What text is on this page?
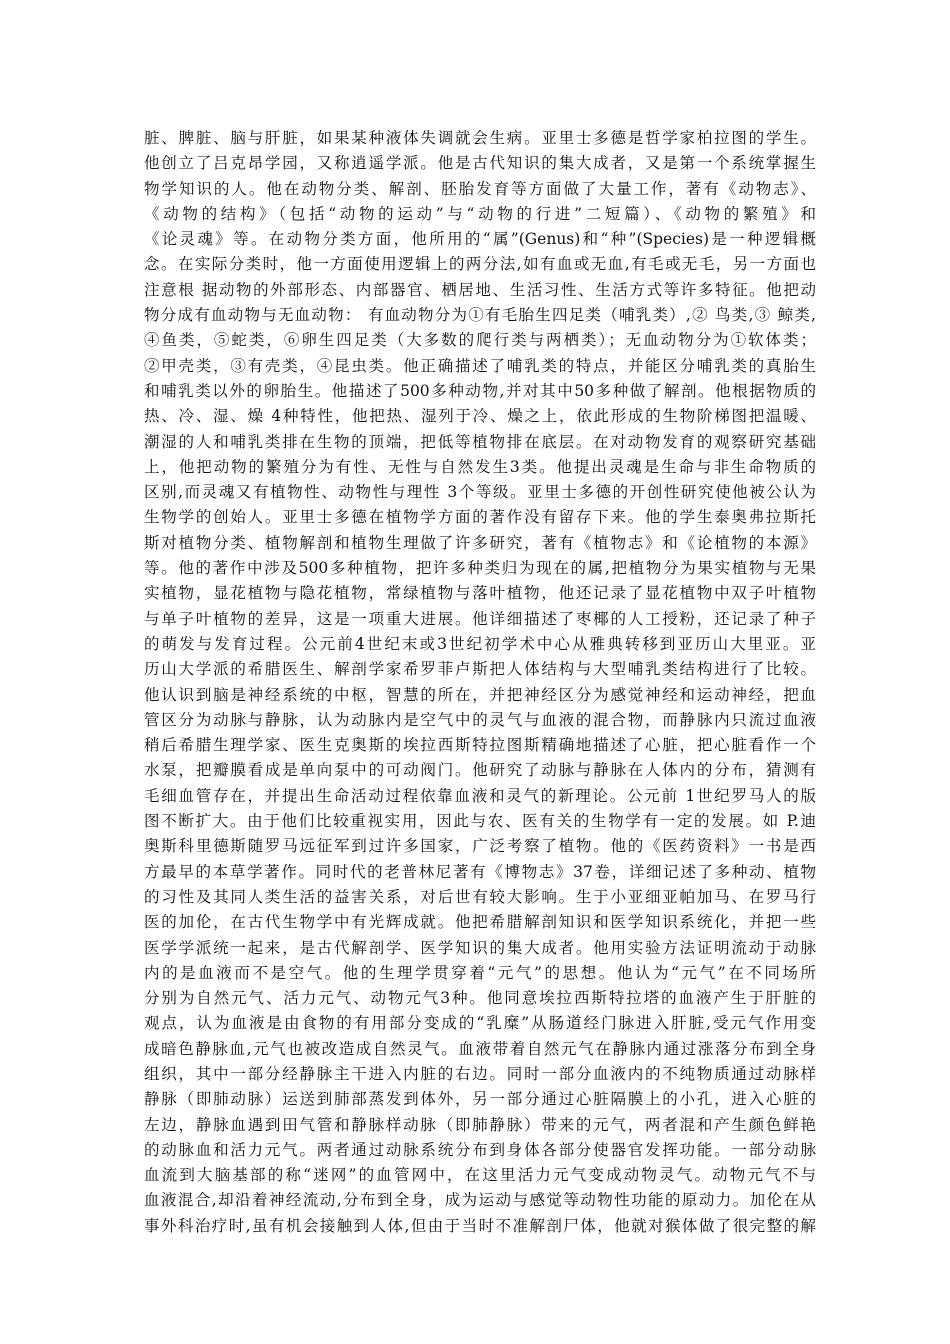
脏、脾脏、脑与肝脏，如果某种液体失调就会生病。亚里士多德是哲学家柏拉图的学生。
他创立了吕克昂学园，又称逍遥学派。他是古代知识的集大成者，又是第一个系统掌握生
物学知识的人。他在动物分类、解剖、胚胎发育等方面做了大量工作，著有《动物志》、
《动物的结构》（包括“动物的运动”与“动物的行进”二短篇）、《动物的繁殖》和
《论灵魂》等。在动物分类方面，他所用的“属”(Genus)和“种”(Species)是一种逻辑概
念。在实际分类时，他一方面使用逻辑上的两分法,如有血或无血,有毛或无毛，另一方面也
注意根 据动物的外部形态、内部器官、栖居地、生活习性、生活方式等许多特征。他把动
物分成有血动物与无血动物： 有血动物分为①有毛胎生四足类（哺乳类）,② 鸟类,③ 鲸类,
④鱼类，⑤蛇类，⑥卵生四足类（大多数的爬行类与两栖类）；无血动物分为①软体类；
②甲壳类，③有壳类，④昆虫类。他正确描述了哺乳类的特点，并能区分哺乳类的真胎生
和哺乳类以外的卵胎生。他描述了500多种动物,并对其中50多种做了解剖。他根据物质的
热、冷、湿、燥 4种特性，他把热、湿列于冷、燥之上，依此形成的生物阶梯图把温暖、
潮湿的人和哺乳类排在生物的顶端，把低等植物排在底层。在对动物发育的观察研究基础
上，他把动物的繁殖分为有性、无性与自然发生3类。他提出灵魂是生命与非生命物质的
区别,而灵魂又有植物性、动物性与理性 3个等级。亚里士多德的开创性研究使他被公认为
生物学的创始人。亚里士多德在植物学方面的著作没有留存下来。他的学生泰奥弗拉斯托
斯对植物分类、植物解剖和植物生理做了许多研究，著有《植物志》和《论植物的本源》
等。他的著作中涉及500多种植物，把许多种类归为现在的属,把植物分为果实植物与无果
实植物，显花植物与隐花植物，常绿植物与落叶植物，他还记录了显花植物中双子叶植物
与单子叶植物的差异，这是一项重大进展。他详细描述了枣椰的人工授粉，还记录了种子
的萌发与发育过程。公元前4世纪末或3世纪初学术中心从雅典转移到亚历山大里亚。亚
历山大学派的希腊医生、解剖学家希罗菲卢斯把人体结构与大型哺乳类结构进行了比较。
他认识到脑是神经系统的中枢，智慧的所在，并把神经区分为感觉神经和运动神经，把血
管区分为动脉与静脉，认为动脉内是空气中的灵气与血液的混合物，而静脉内只流过血液
稍后希腊生理学家、医生克奥斯的埃拉西斯特拉图斯精确地描述了心脏，把心脏看作一个
水泵，把瓣膜看成是单向泵中的可动阀门。他研究了动脉与静脉在人体内的分布，猜测有
毛细血管存在，并提出生命活动过程依靠血液和灵气的新理论。公元前 1世纪罗马人的版
图不断扩大。由于他们比较重视实用，因此与农、医有关的生物学有一定的发展。如 P.迪
奥斯科里德斯随罗马远征军到过许多国家，广泛考察了植物。他的《医药资料》一书是西
方最早的本草学著作。同时代的老普林尼著有《博物志》37卷，详细记述了多种动、植物
的习性及其同人类生活的益害关系，对后世有较大影响。生于小亚细亚帕加马、在罗马行
医的加伦，在古代生物学中有光辉成就。他把希腊解剖知识和医学知识系统化，并把一些
医学学派统一起来，是古代解剖学、医学知识的集大成者。他用实验方法证明流动于动脉
内的是血液而不是空气。他的生理学贯穿着“元气”的思想。他认为“元气”在不同场所
分别为自然元气、活力元气、动物元气3种。他同意埃拉西斯特拉塔的血液产生于肝脏的
观点，认为血液是由食物的有用部分变成的“乳糜”从肠道经门脉进入肝脏,受元气作用变
成暗色静脉血,元气也被改造成自然灵气。血液带着自然元气在静脉内通过涨落分布到全身
组织，其中一部分经静脉主干进入内脏的右边。同时一部分血液内的不纯物质通过动脉样
静脉（即肺动脉）运送到肺部蒸发到体外，另一部分通过心脏隔膜上的小孔，进入心脏的
左边，静脉血遇到田气管和静脉样动脉（即肺静脉）带来的元气，两者混和产生颜色鲜艳
的动脉血和活力元气。两者通过动脉系统分布到身体各部分使器官发挥功能。一部分动脉
血流到大脑基部的称“迷网”的血管网中，在这里活力元气变成动物灵气。动物元气不与
血液混合,却沿着神经流动,分布到全身，成为运动与感觉等动物性功能的原动力。加伦在从
事外科治疗时,虽有机会接触到人体,但由于当时不准解剖尸体，他就对猴体做了很完整的解
